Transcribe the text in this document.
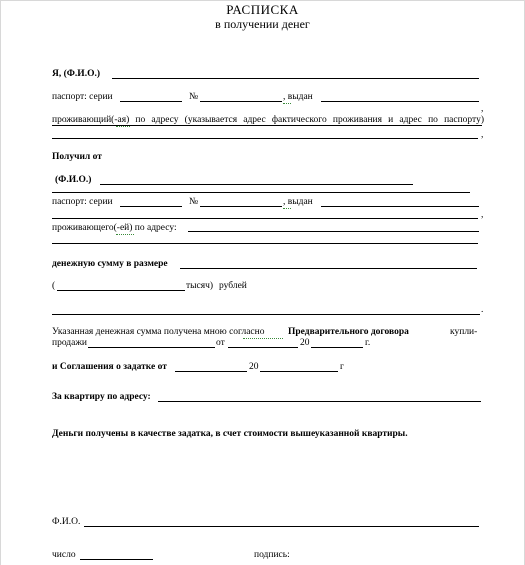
РАСПИСКА
в получении денег
Я, (Ф.И.О.)
паспорт: серии	№	, выдан
,
проживающий(-ая) по адресу (указывается адрес фактического проживания и адрес по паспорту)
,
Получил от
(Ф.И.О.)
паспорт: серии	№	, выдан
,
проживающего(-ей) по адресу:
денежную сумму в размере
(	тысяч) рублей
.
Указанная денежная сумма получена мною согласно Предварительного договора	купли-
продажи	от	20	г.
и Соглашения о задатке от	20	г
За квартиру по адресу:
Деньги получены в качестве задатка, в счет стоимости вышеуказанной квартиры.
Ф.И.О.
число	подпись:
